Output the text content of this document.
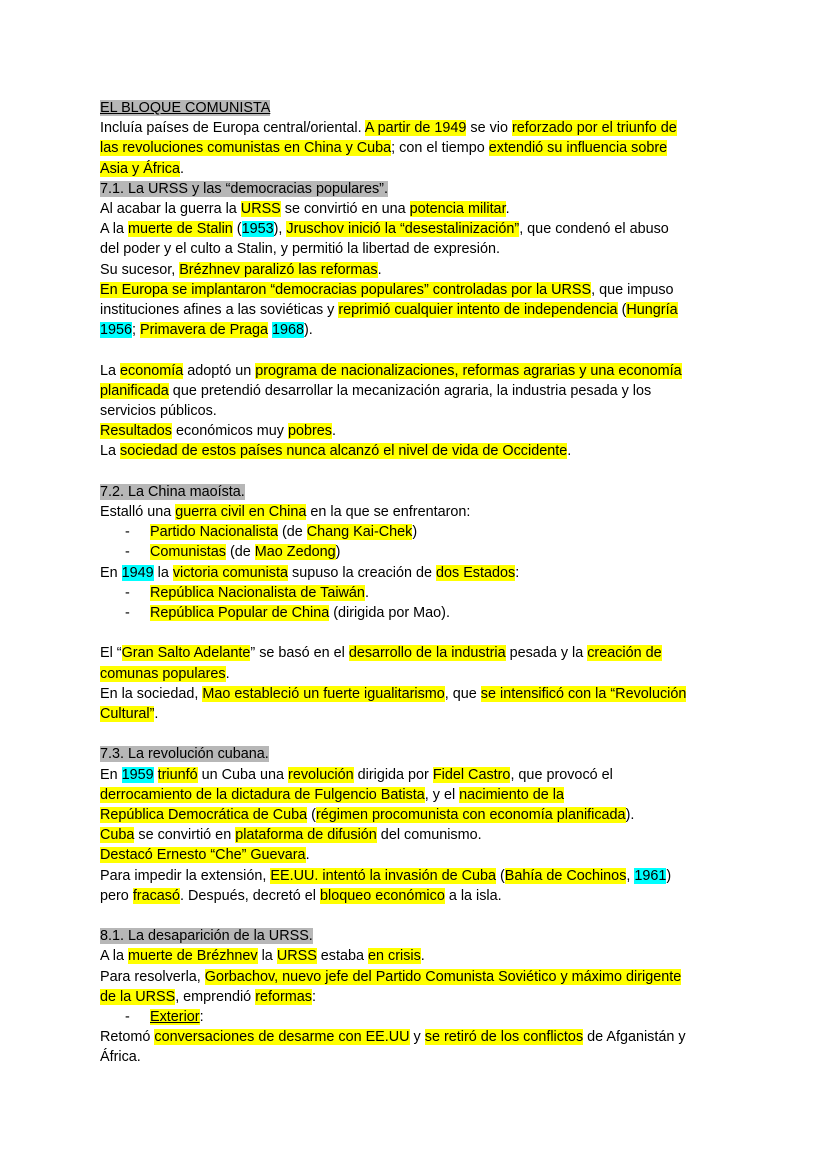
EL BLOQUE COMUNISTA
Incluía países de Europa central/oriental. A partir de 1949 se vio reforzado por el triunfo de
las revoluciones comunistas en China y Cuba; con el tiempo extendió su influencia sobre
Asia y África.
7.1. La URSS y las “democracias populares”.
Al acabar la guerra la URSS se convirtió en una potencia militar.
A la muerte de Stalin (1953), Jruschov inició la “desestalinización”, que condenó el abuso
del poder y el culto a Stalin, y permitió la libertad de expresión.
Su sucesor, Brézhnev paralizó las reformas.
En Europa se implantaron “democracias populares” controladas por la URSS, que impuso
instituciones afines a las soviéticas y reprimió cualquier intento de independencia (Hungría
1956; Primavera de Praga 1968).
La economía adoptó un programa de nacionalizaciones, reformas agrarias y una economía
planificada que pretendió desarrollar la mecanización agraria, la industria pesada y los
servicios públicos.
Resultados económicos muy pobres.
La sociedad de estos países nunca alcanzó el nivel de vida de Occidente.
7.2. La China maoísta.
Estalló una guerra civil en China en la que se enfrentaron:
- Partido Nacionalista (de Chang Kai-Chek)
- Comunistas (de Mao Zedong)
En 1949 la victoria comunista supuso la creación de dos Estados:
- República Nacionalista de Taiwán.
- República Popular de China (dirigida por Mao).
El “Gran Salto Adelante” se basó en el desarrollo de la industria pesada y la creación de
comunas populares.
En la sociedad, Mao estableció un fuerte igualitarismo, que se intensificó con la “Revolución
Cultural”.
7.3. La revolución cubana.
En 1959 triunfó un Cuba una revolución dirigida por Fidel Castro, que provocó el
derrocamiento de la dictadura de Fulgencio Batista, y el nacimiento de la
República Democrática de Cuba (régimen procomunista con economía planificada).
Cuba se convirtió en plataforma de difusión del comunismo.
Destacó Ernesto “Che” Guevara.
Para impedir la extensión, EE.UU. intentó la invasión de Cuba (Bahía de Cochinos, 1961)
pero fracasó. Después, decretó el bloqueo económico a la isla.
8.1. La desaparición de la URSS.
A la muerte de Brézhnev la URSS estaba en crisis.
Para resolverla, Gorbachov, nuevo jefe del Partido Comunista Soviético y máximo dirigente
de la URSS, emprendió reformas:
- Exterior:
Retomó conversaciones de desarme con EE.UU y se retiró de los conflictos de Afganistán y
África.
